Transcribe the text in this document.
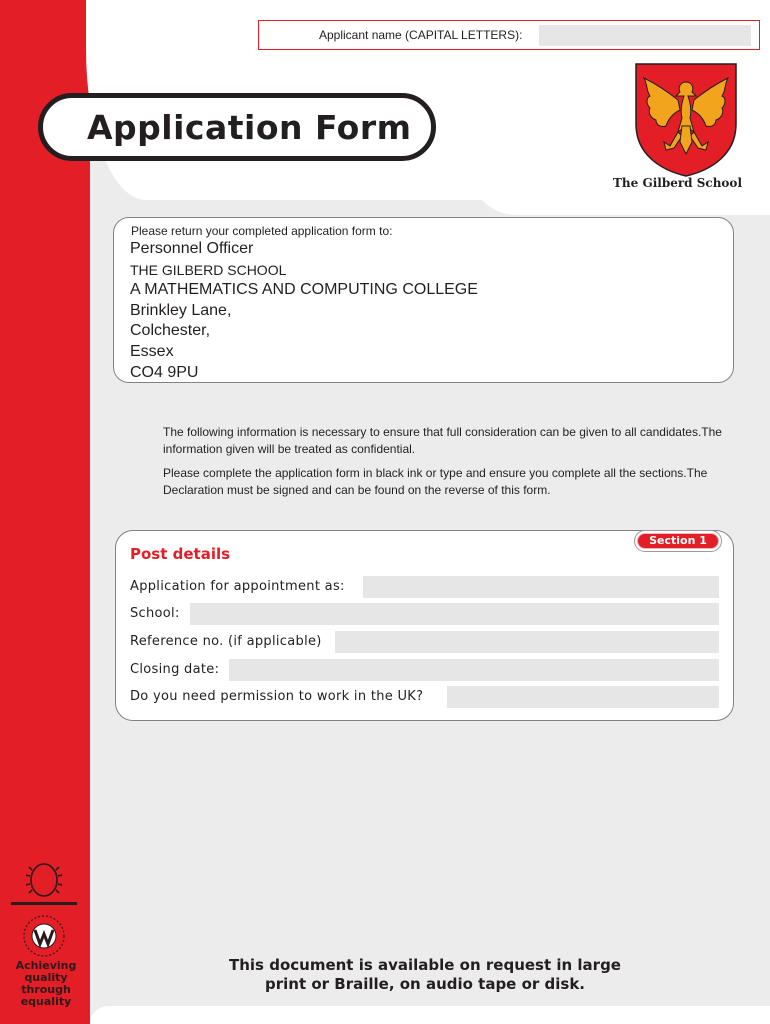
Applicant name (CAPITAL LETTERS):
Application Form
The Gilberd School
Please return your completed application form to:
Personnel Officer
THE GILBERD SCHOOL
A MATHEMATICS AND COMPUTING COLLEGE
Brinkley Lane,
Colchester,
Essex
CO4 9PU

The following information is necessary to ensure that full consideration can be given to all candidates.The information given will be treated as confidential.

Please complete the application form in black ink or type and ensure you complete all the sections.The Declaration must be signed and can be found on the reverse of this form.

Section 1
Post details
Application for appointment as:
School:
Reference no. (if applicable)
Closing date:
Do you need permission to work in the UK?
Achieving
quality
through
equality
This document is available on request in large
print or Braille, on audio tape or disk.
